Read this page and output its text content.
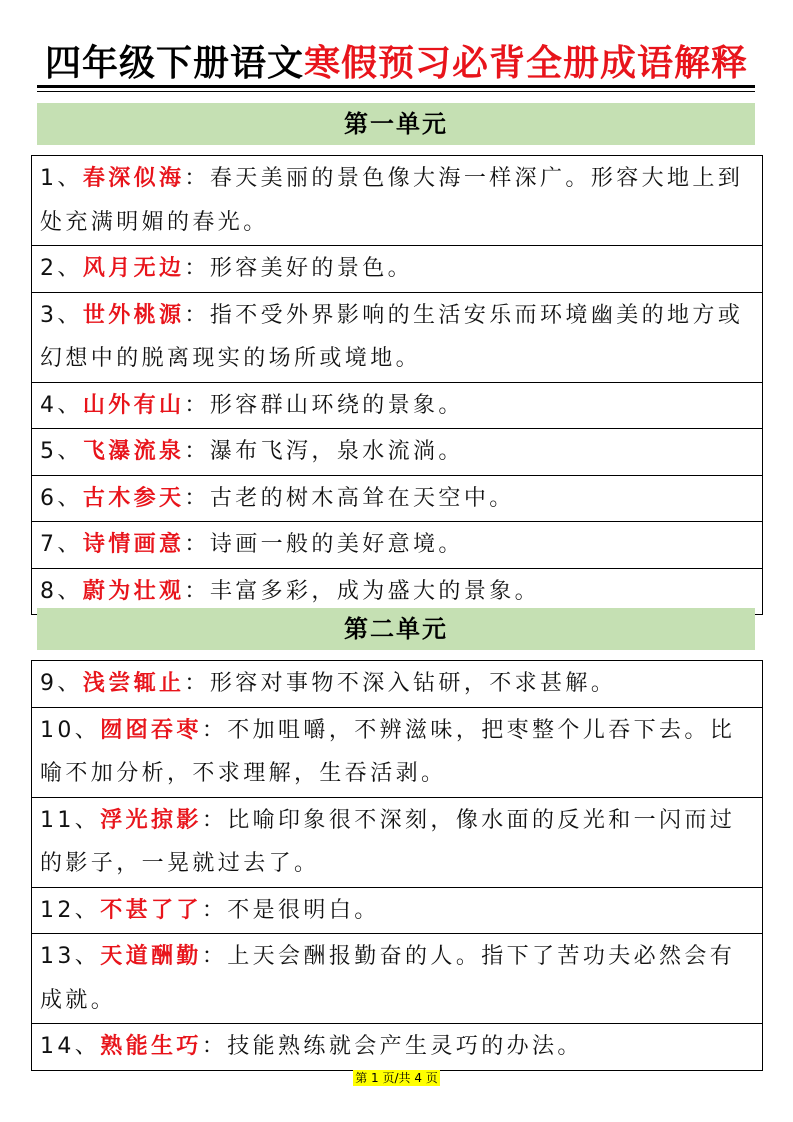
四年级下册语文寒假预习必背全册成语解释
第一单元
1、春深似海：春天美丽的景色像大海一样深广。形容大地上到处充满明媚的春光。
2、风月无边：形容美好的景色。
3、世外桃源：指不受外界影响的生活安乐而环境幽美的地方或幻想中的脱离现实的场所或境地。
4、山外有山：形容群山环绕的景象。
5、飞瀑流泉：瀑布飞泻，泉水流淌。
6、古木参天：古老的树木高耸在天空中。
7、诗情画意：诗画一般的美好意境。
8、蔚为壮观：丰富多彩，成为盛大的景象。
第二单元
9、浅尝辄止：形容对事物不深入钻研，不求甚解。
10、囫囵吞枣：不加咀嚼，不辨滋味，把枣整个儿吞下去。比喻不加分析，不求理解，生吞活剥。
11、浮光掠影：比喻印象很不深刻，像水面的反光和一闪而过的影子，一晃就过去了。
12、不甚了了：不是很明白。
13、天道酬勤：上天会酬报勤奋的人。指下了苦功夫必然会有成就。
14、熟能生巧：技能熟练就会产生灵巧的办法。
第 1 页/共 4 页
